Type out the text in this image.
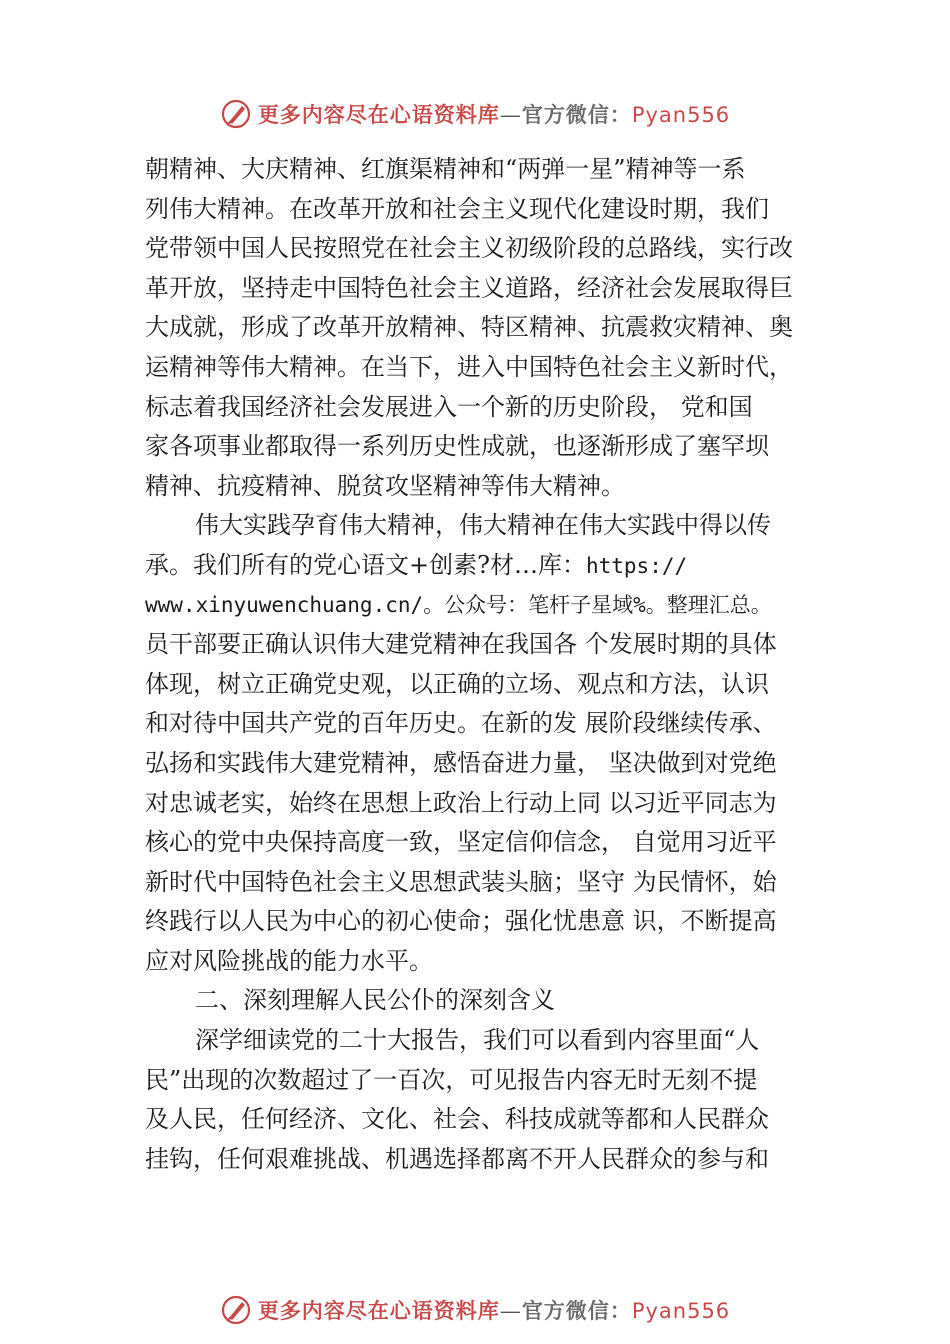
更多内容尽在心语资料库—官方微信：Pyan556
朝精神、大庆精神、红旗渠精神和“两弹一星”精神等一系
列伟大精神。在改革开放和社会主义现代化建设时期，我们
党带领中国人民按照党在社会主义初级阶段的总路线，实行改
革开放，坚持走中国特色社会主义道路，经济社会发展取得巨
大成就，形成了改革开放精神、特区精神、抗震救灾精神、奥
运精神等伟大精神。在当下，进入中国特色社会主义新时代，
标志着我国经济社会发展进入一个新的历史阶段， 党和国
家各项事业都取得一系列历史性成就，也逐渐形成了塞罕坝
精神、抗疫精神、脱贫攻坚精神等伟大精神。
伟大实践孕育伟大精神，伟大精神在伟大实践中得以传
承。我们所有的党心语文+创素?材…库：https://
www.xinyuwenchuang.cn/。公众号：笔杆子星域%。整理汇总。
员干部要正确认识伟大建党精神在我国各 个发展时期的具体
体现，树立正确党史观，以正确的立场、观点和方法，认识
和对待中国共产党的百年历史。在新的发 展阶段继续传承、
弘扬和实践伟大建党精神，感悟奋进力量， 坚决做到对党绝
对忠诚老实，始终在思想上政治上行动上同 以习近平同志为
核心的党中央保持高度一致，坚定信仰信念， 自觉用习近平
新时代中国特色社会主义思想武装头脑；坚守 为民情怀，始
终践行以人民为中心的初心使命；强化忧患意 识，不断提高
应对风险挑战的能力水平。
二、深刻理解人民公仆的深刻含义
深学细读党的二十大报告，我们可以看到内容里面“人
民”出现的次数超过了一百次，可见报告内容无时无刻不提
及人民，任何经济、文化、社会、科技成就等都和人民群众
挂钩，任何艰难挑战、机遇选择都离不开人民群众的参与和
更多内容尽在心语资料库—官方微信：Pyan556
